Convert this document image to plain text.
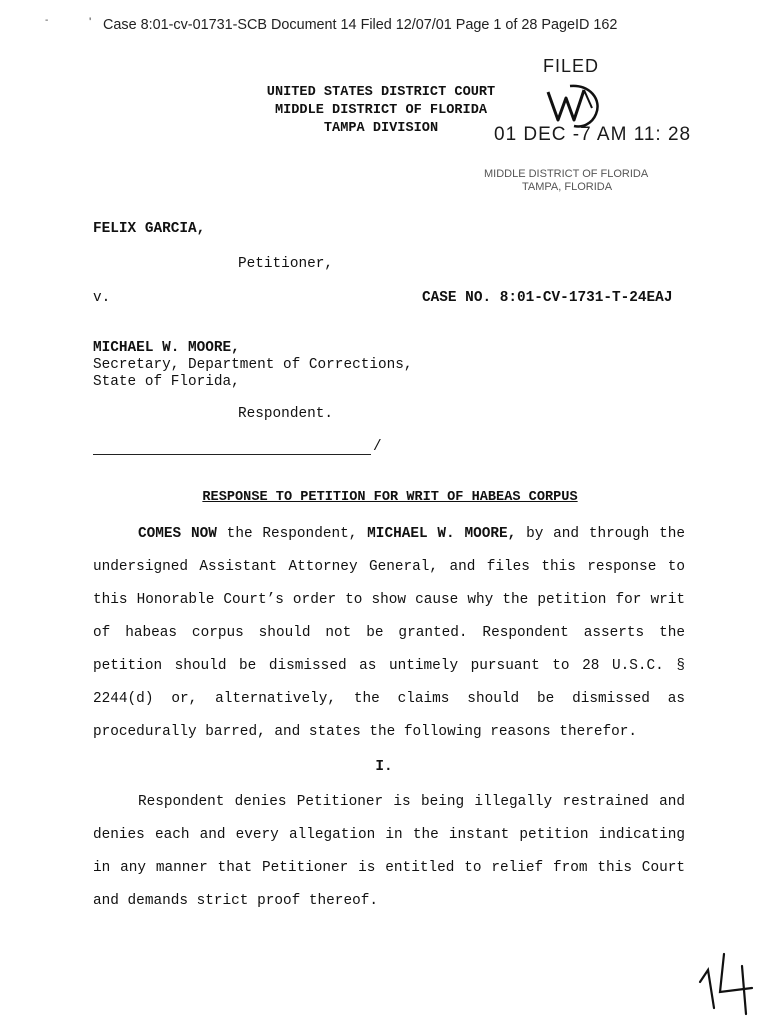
-	' Case 8:01-cv-01731-SCB Document 14 Filed 12/07/01 Page 1 of 28 PageID 162
UNITED STATES DISTRICT COURT
MIDDLE DISTRICT OF FLORIDA
TAMPA DIVISION
FILED
01 DEC -7 AM 11: 28
MIDDLE DISTRICT OF FLORIDA
TAMPA, FLORIDA
FELIX GARCIA,
Petitioner,
v.	CASE NO. 8:01-CV-1731-T-24EAJ
MICHAEL W. MOORE,
Secretary, Department of Corrections,
State of Florida,
Respondent.
/
RESPONSE TO PETITION FOR WRIT OF HABEAS CORPUS
COMES NOW the Respondent, MICHAEL W. MOORE, by and through the undersigned Assistant Attorney General, and files this response to this Honorable Court’s order to show cause why the petition for writ of habeas corpus should not be granted. Respondent asserts the petition should be dismissed as untimely pursuant to 28 U.S.C. § 2244(d) or, alternatively, the claims should be dismissed as procedurally barred, and states the following reasons therefor.
I.
Respondent denies Petitioner is being illegally restrained and denies each and every allegation in the instant petition indicating in any manner that Petitioner is entitled to relief from this Court and demands strict proof thereof.
